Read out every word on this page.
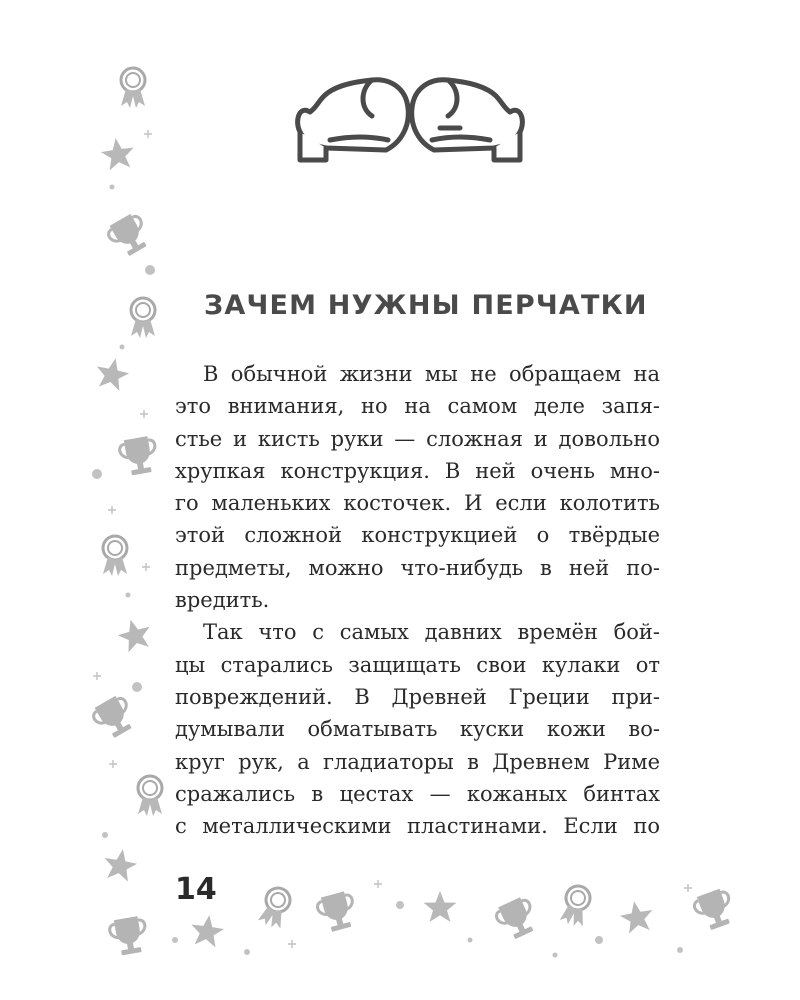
ЗАЧЕМ НУЖНЫ ПЕРЧАТКИ
В обычной жизни мы не обращаем на
это внимания, но на самом деле запя-
стье и кисть руки — сложная и довольно
хрупкая конструкция. В ней очень мно-
го маленьких косточек. И если колотить
этой сложной конструкцией о твёрдые
предметы, можно что-нибудь в ней по-
вредить.
Так что с самых давних времён бой-
цы старались защищать свои кулаки от
повреждений. В Древней Греции при-
думывали обматывать куски кожи во-
круг рук, а гладиаторы в Древнем Риме
сражались в цестах — кожаных бинтах
с металлическими пластинами. Если по
14
